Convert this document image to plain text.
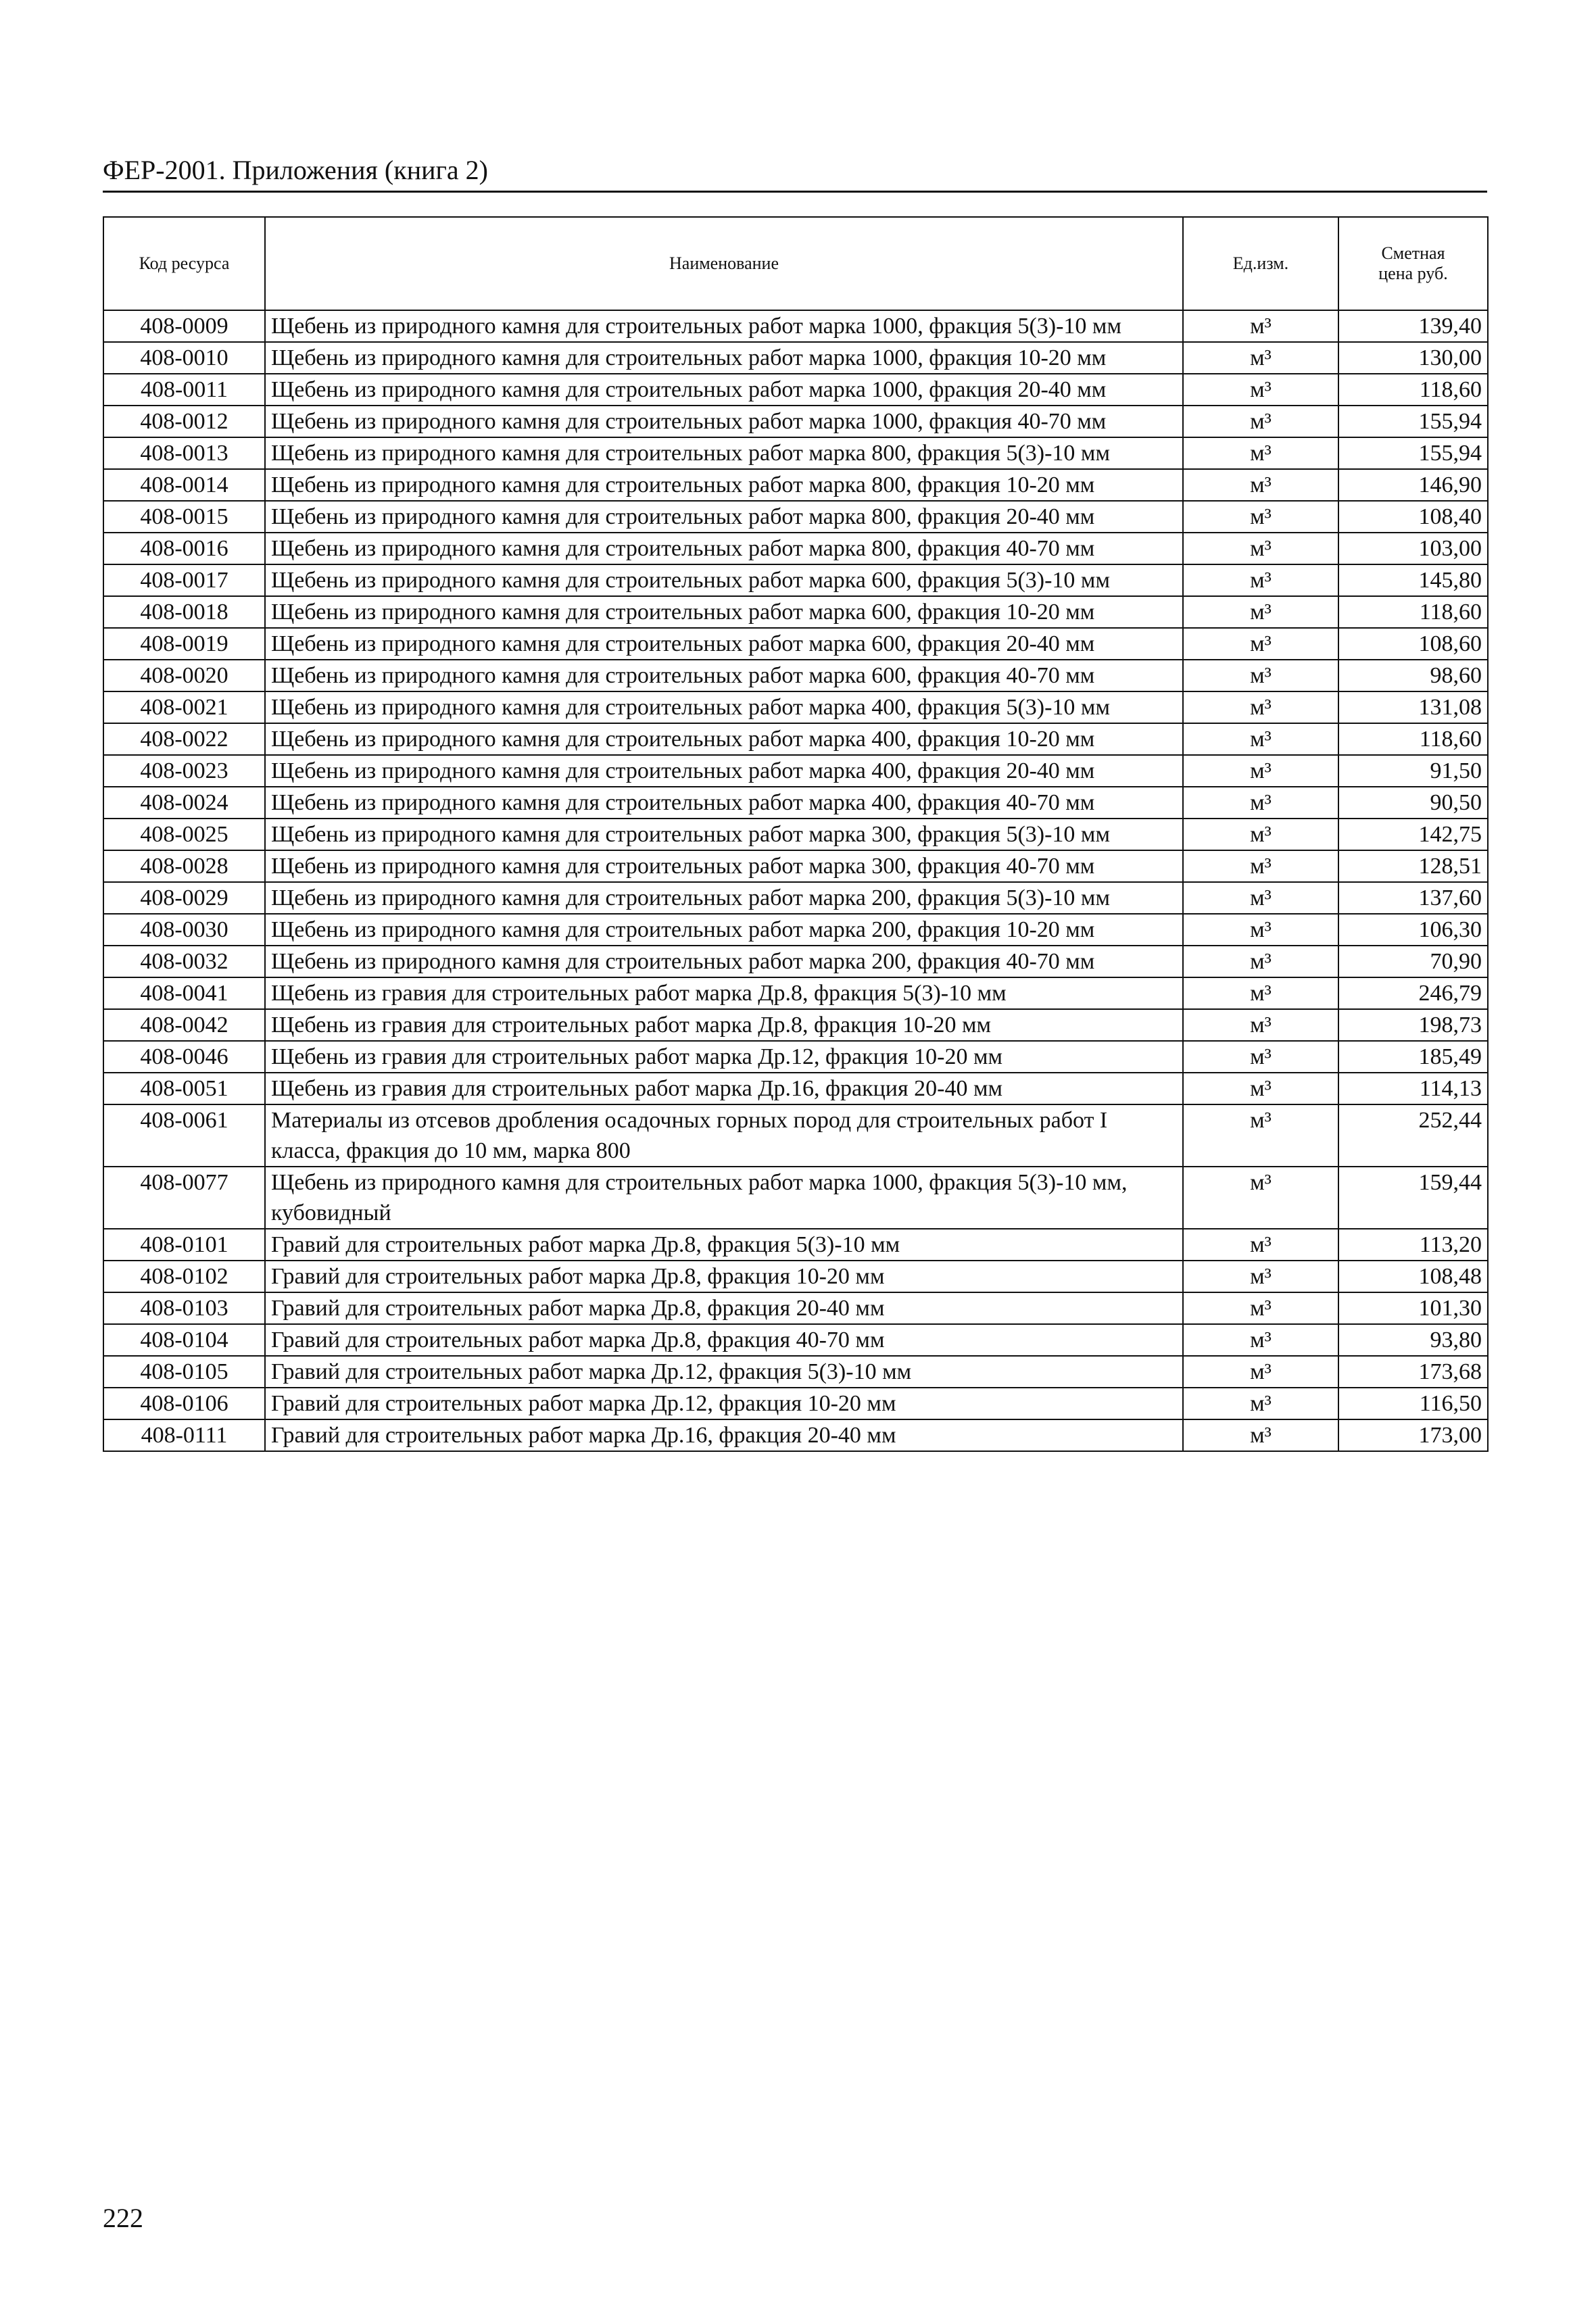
ФЕР-2001. Приложения (книга 2)
Код ресурса	Наименование	Ед.изм.	Сметная цена руб.
408-0009	Щебень из природного камня для строительных работ марка 1000, фракция 5(3)-10 мм	м³	139,40
408-0010	Щебень из природного камня для строительных работ марка 1000, фракция 10-20 мм	м³	130,00
408-0011	Щебень из природного камня для строительных работ марка 1000, фракция 20-40 мм	м³	118,60
408-0012	Щебень из природного камня для строительных работ марка 1000, фракция 40-70 мм	м³	155,94
408-0013	Щебень из природного камня для строительных работ марка 800, фракция 5(3)-10 мм	м³	155,94
408-0014	Щебень из природного камня для строительных работ марка 800, фракция 10-20 мм	м³	146,90
408-0015	Щебень из природного камня для строительных работ марка 800, фракция 20-40 мм	м³	108,40
408-0016	Щебень из природного камня для строительных работ марка 800, фракция 40-70 мм	м³	103,00
408-0017	Щебень из природного камня для строительных работ марка 600, фракция 5(3)-10 мм	м³	145,80
408-0018	Щебень из природного камня для строительных работ марка 600, фракция 10-20 мм	м³	118,60
408-0019	Щебень из природного камня для строительных работ марка 600, фракция 20-40 мм	м³	108,60
408-0020	Щебень из природного камня для строительных работ марка 600, фракция 40-70 мм	м³	98,60
408-0021	Щебень из природного камня для строительных работ марка 400, фракция 5(3)-10 мм	м³	131,08
408-0022	Щебень из природного камня для строительных работ марка 400, фракция 10-20 мм	м³	118,60
408-0023	Щебень из природного камня для строительных работ марка 400, фракция 20-40 мм	м³	91,50
408-0024	Щебень из природного камня для строительных работ марка 400, фракция 40-70 мм	м³	90,50
408-0025	Щебень из природного камня для строительных работ марка 300, фракция 5(3)-10 мм	м³	142,75
408-0028	Щебень из природного камня для строительных работ марка 300, фракция 40-70 мм	м³	128,51
408-0029	Щебень из природного камня для строительных работ марка 200, фракция 5(3)-10 мм	м³	137,60
408-0030	Щебень из природного камня для строительных работ марка 200, фракция 10-20 мм	м³	106,30
408-0032	Щебень из природного камня для строительных работ марка 200, фракция 40-70 мм	м³	70,90
408-0041	Щебень из гравия для строительных работ марка Др.8, фракция 5(3)-10 мм	м³	246,79
408-0042	Щебень из гравия для строительных работ марка Др.8, фракция 10-20 мм	м³	198,73
408-0046	Щебень из гравия для строительных работ марка Др.12, фракция 10-20 мм	м³	185,49
408-0051	Щебень из гравия для строительных работ марка Др.16, фракция 20-40 мм	м³	114,13
408-0061	Материалы из отсевов дробления осадочных горных пород для строительных работ I класса, фракция до 10 мм, марка 800	м³	252,44
408-0077	Щебень из природного камня для строительных работ марка 1000, фракция 5(3)-10 мм, кубовидный	м³	159,44
408-0101	Гравий для строительных работ марка Др.8, фракция 5(3)-10 мм	м³	113,20
408-0102	Гравий для строительных работ марка Др.8, фракция 10-20 мм	м³	108,48
408-0103	Гравий для строительных работ марка Др.8, фракция 20-40 мм	м³	101,30
408-0104	Гравий для строительных работ марка Др.8, фракция 40-70 мм	м³	93,80
408-0105	Гравий для строительных работ марка Др.12, фракция 5(3)-10 мм	м³	173,68
408-0106	Гравий для строительных работ марка Др.12, фракция 10-20 мм	м³	116,50
408-0111	Гравий для строительных работ марка Др.16, фракция 20-40 мм	м³	173,00
222
